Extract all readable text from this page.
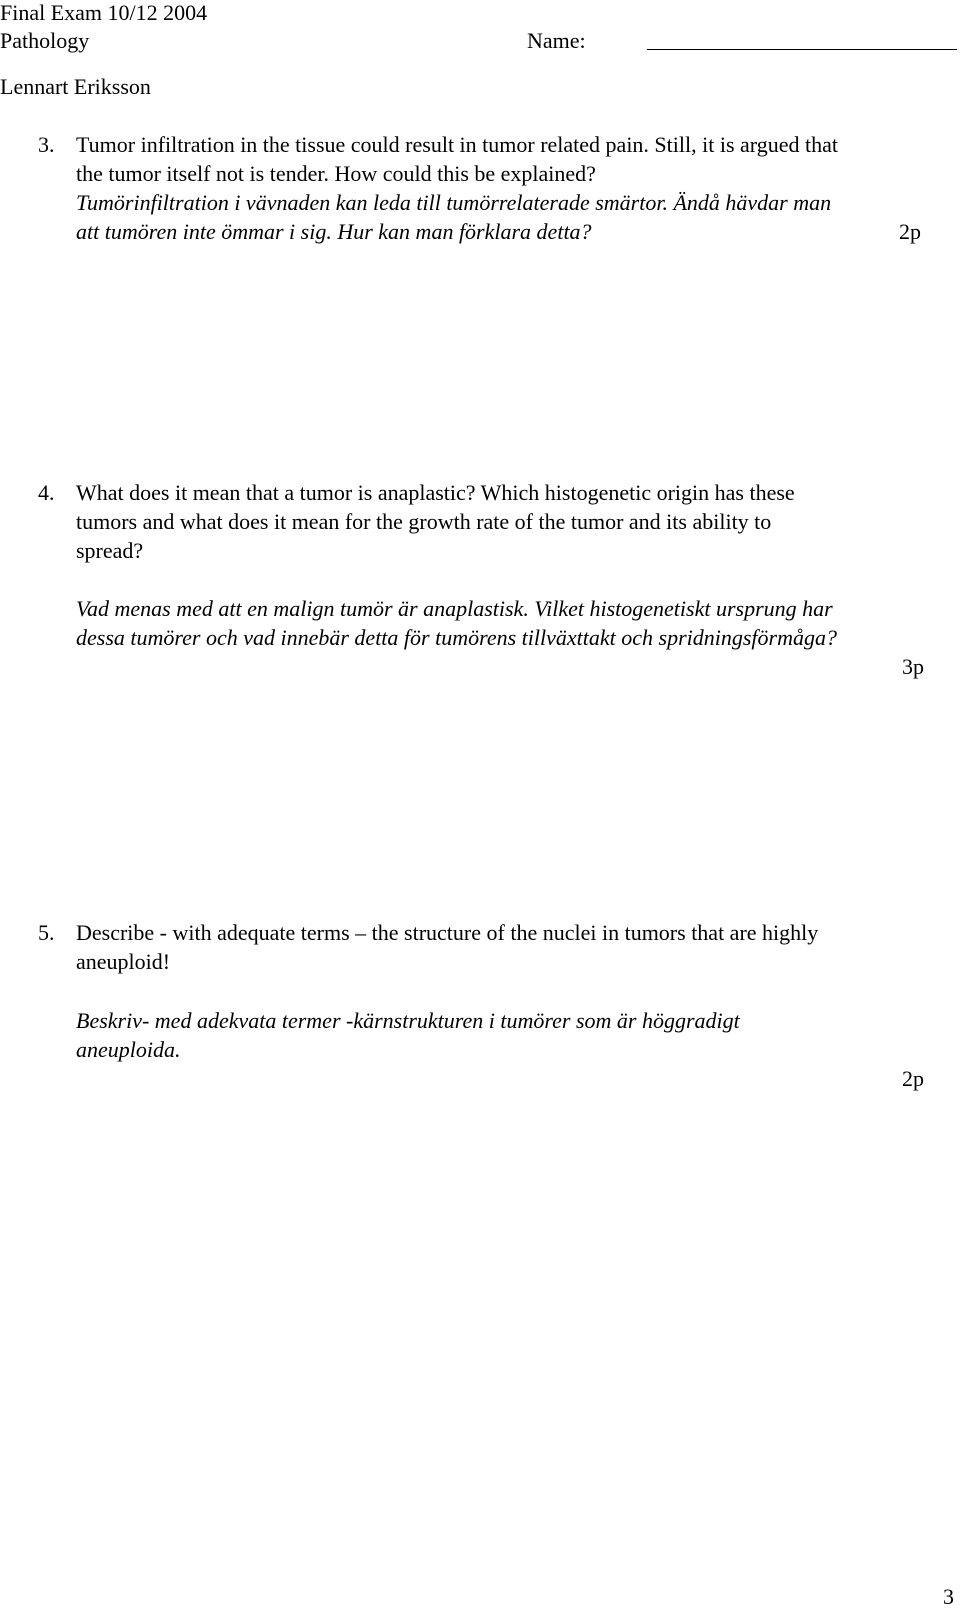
Final Exam 10/12 2004
Pathology	Name:
Lennart Eriksson
3. Tumor infiltration in the tissue could result in tumor related pain. Still, it is argued that
the tumor itself not is tender. How could this be explained?
Tumörinfiltration i vävnaden kan leda till tumörrelaterade smärtor. Ändå hävdar man
att tumören inte ömmar i sig. Hur kan man förklara detta?	2p
4. What does it mean that a tumor is anaplastic? Which histogenetic origin has these
tumors and what does it mean for the growth rate of the tumor and its ability to
spread?
Vad menas med att en malign tumör är anaplastisk. Vilket histogenetiskt ursprung har
dessa tumörer och vad innebär detta för tumörens tillväxttakt och spridningsförmåga?
3p
5. Describe - with adequate terms – the structure of the nuclei in tumors that are highly
aneuploid!
Beskriv- med adekvata termer -kärnstrukturen i tumörer som är höggradigt
aneuploida.
2p
3
